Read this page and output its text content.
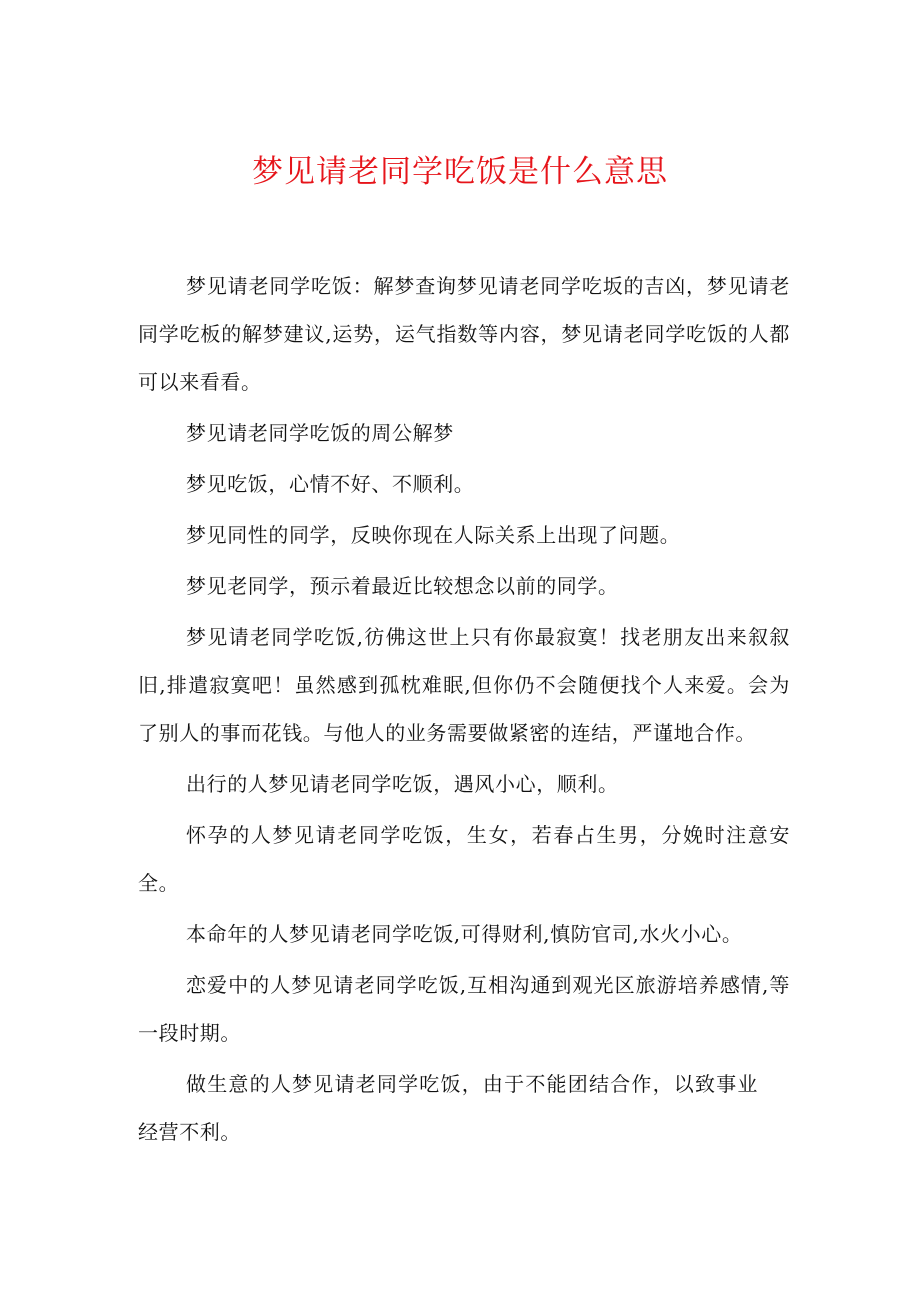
梦见请老同学吃饭是什么意思

梦见请老同学吃饭：解梦查询梦见请老同学吃坂的吉凶，梦见请老同学吃板的解梦建议,运势，运气指数等内容，梦见请老同学吃饭的人都可以来看看。

梦见请老同学吃饭的周公解梦

梦见吃饭，心情不好、不顺利。

梦见同性的同学，反映你现在人际关系上出现了问题。

梦见老同学，预示着最近比较想念以前的同学。

梦见请老同学吃饭,彷佛这世上只有你最寂寞！找老朋友出来叙叙旧,排遣寂寞吧！虽然感到孤枕难眠,但你仍不会随便找个人来爱。会为了别人的事而花钱。与他人的业务需要做紧密的连结，严谨地合作。

出行的人梦见请老同学吃饭，遇风小心，顺利。

怀孕的人梦见请老同学吃饭，生女，若春占生男，分娩时注意安全。

本命年的人梦见请老同学吃饭,可得财利,慎防官司,水火小心。

恋爱中的人梦见请老同学吃饭,互相沟通到观光区旅游培养感情,等一段时期。

做生意的人梦见请老同学吃饭，由于不能团结合作，以致事业经营不利。
